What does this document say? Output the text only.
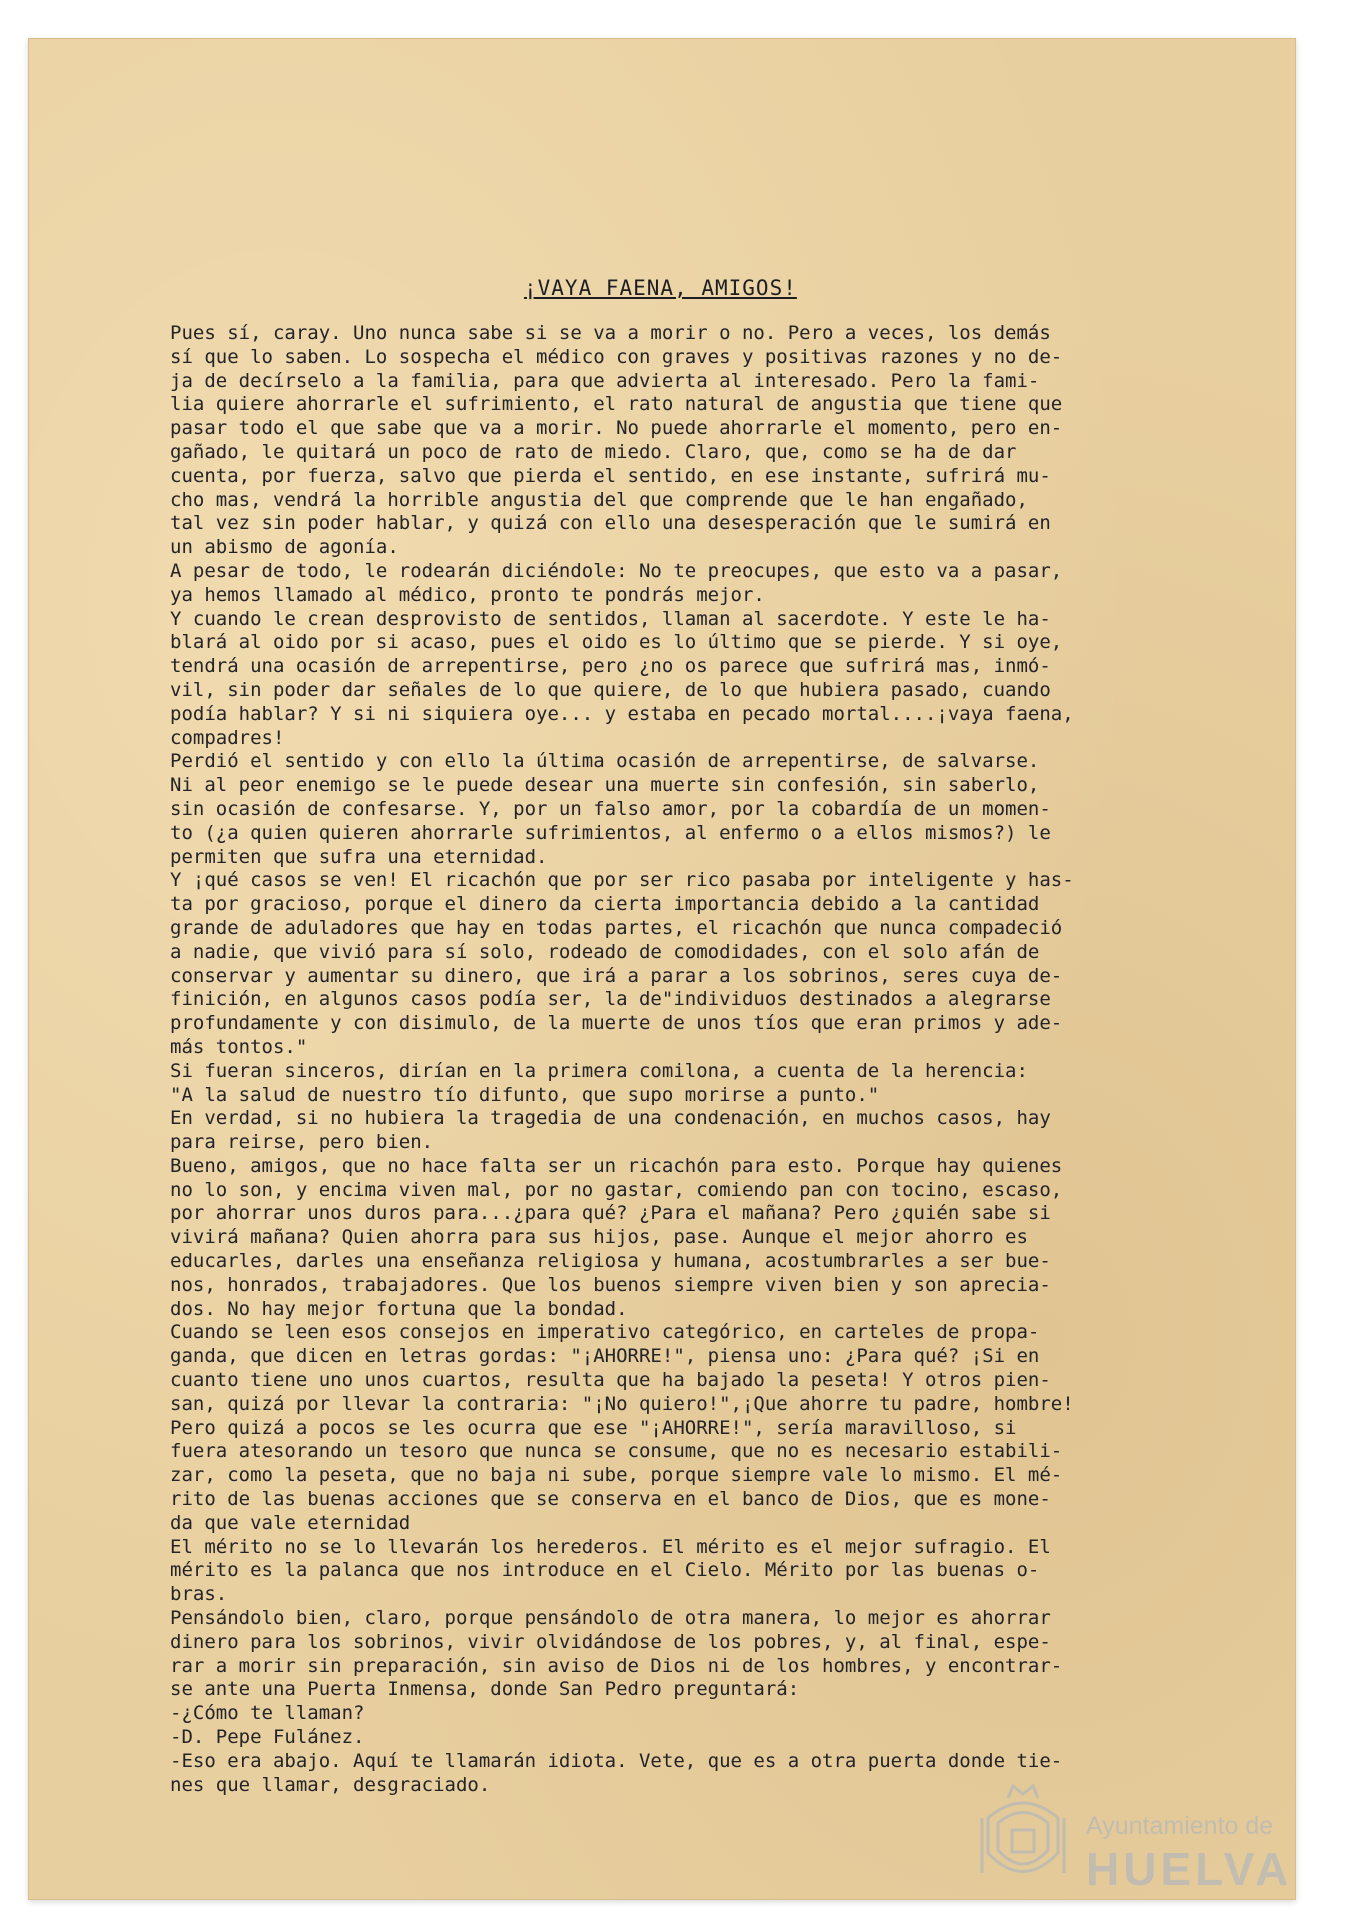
¡VAYA FAENA, AMIGOS!
Pues sí, caray. Uno nunca sabe si se va a morir o no. Pero a veces, los demás
sí que lo saben. Lo sospecha el médico con graves y positivas razones y no de-
ja de decírselo a la familia, para que advierta al interesado. Pero la fami-
lia quiere ahorrarle el sufrimiento, el rato natural de angustia que tiene que
pasar todo el que sabe que va a morir. No puede ahorrarle el momento, pero en-
gañado, le quitará un poco de rato de miedo. Claro, que, como se ha de dar
cuenta, por fuerza, salvo que pierda el sentido, en ese instante, sufrirá mu-
cho mas, vendrá la horrible angustia del que comprende que le han engañado,
tal vez sin poder hablar, y quizá con ello una desesperación que le sumirá en
un abismo de agonía.
A pesar de todo, le rodearán diciéndole: No te preocupes, que esto va a pasar,
ya hemos llamado al médico, pronto te pondrás mejor.
Y cuando le crean desprovisto de sentidos, llaman al sacerdote. Y este le ha-
blará al oido por si acaso, pues el oido es lo último que se pierde. Y si oye,
tendrá una ocasión de arrepentirse, pero ¿no os parece que sufrirá mas, inmó-
vil, sin poder dar señales de lo que quiere, de lo que hubiera pasado, cuando
podía hablar? Y si ni siquiera oye... y estaba en pecado mortal....¡vaya faena,
compadres!
Perdió el sentido y con ello la última ocasión de arrepentirse, de salvarse.
Ni al peor enemigo se le puede desear una muerte sin confesión, sin saberlo,
sin ocasión de confesarse. Y, por un falso amor, por la cobardía de un momen-
to (¿a quien quieren ahorrarle sufrimientos, al enfermo o a ellos mismos?) le
permiten que sufra una eternidad.
Y ¡qué casos se ven! El ricachón que por ser rico pasaba por inteligente y has-
ta por gracioso, porque el dinero da cierta importancia debido a la cantidad
grande de aduladores que hay en todas partes, el ricachón que nunca compadeció
a nadie, que vivió para sí solo, rodeado de comodidades, con el solo afán de
conservar y aumentar su dinero, que irá a parar a los sobrinos, seres cuya de-
finición, en algunos casos podía ser, la de"individuos destinados a alegrarse
profundamente y con disimulo, de la muerte de unos tíos que eran primos y ade-
más tontos."
Si fueran sinceros, dirían en la primera comilona, a cuenta de la herencia:
"A la salud de nuestro tío difunto, que supo morirse a punto."
En verdad, si no hubiera la tragedia de una condenación, en muchos casos, hay
para reirse, pero bien.
Bueno, amigos, que no hace falta ser un ricachón para esto. Porque hay quienes
no lo son, y encima viven mal, por no gastar, comiendo pan con tocino, escaso,
por ahorrar unos duros para...¿para qué? ¿Para el mañana? Pero ¿quién sabe si
vivirá mañana? Quien ahorra para sus hijos, pase. Aunque el mejor ahorro es
educarles, darles una enseñanza religiosa y humana, acostumbrarles a ser bue-
nos, honrados, trabajadores. Que los buenos siempre viven bien y son aprecia-
dos. No hay mejor fortuna que la bondad.
Cuando se leen esos consejos en imperativo categórico, en carteles de propa-
ganda, que dicen en letras gordas: "¡AHORRE!", piensa uno: ¿Para qué? ¡Si en
cuanto tiene uno unos cuartos, resulta que ha bajado la peseta! Y otros pien-
san, quizá por llevar la contraria: "¡No quiero!",¡Que ahorre tu padre, hombre!
Pero quizá a pocos se les ocurra que ese "¡AHORRE!", sería maravilloso, si
fuera atesorando un tesoro que nunca se consume, que no es necesario estabili-
zar, como la peseta, que no baja ni sube, porque siempre vale lo mismo. El mé-
rito de las buenas acciones que se conserva en el banco de Dios, que es mone-
da que vale eternidad
El mérito no se lo llevarán los herederos. El mérito es el mejor sufragio. El
mérito es la palanca que nos introduce en el Cielo. Mérito por las buenas o-
bras.
Pensándolo bien, claro, porque pensándolo de otra manera, lo mejor es ahorrar
dinero para los sobrinos, vivir olvidándose de los pobres, y, al final, espe-
rar a morir sin preparación, sin aviso de Dios ni de los hombres, y encontrar-
se ante una Puerta Inmensa, donde San Pedro preguntará:
-¿Cómo te llaman?
-D. Pepe Fulánez.
-Eso era abajo. Aquí te llamarán idiota. Vete, que es a otra puerta donde tie-
nes que llamar, desgraciado.
Ayuntamiento de
HUELVA
